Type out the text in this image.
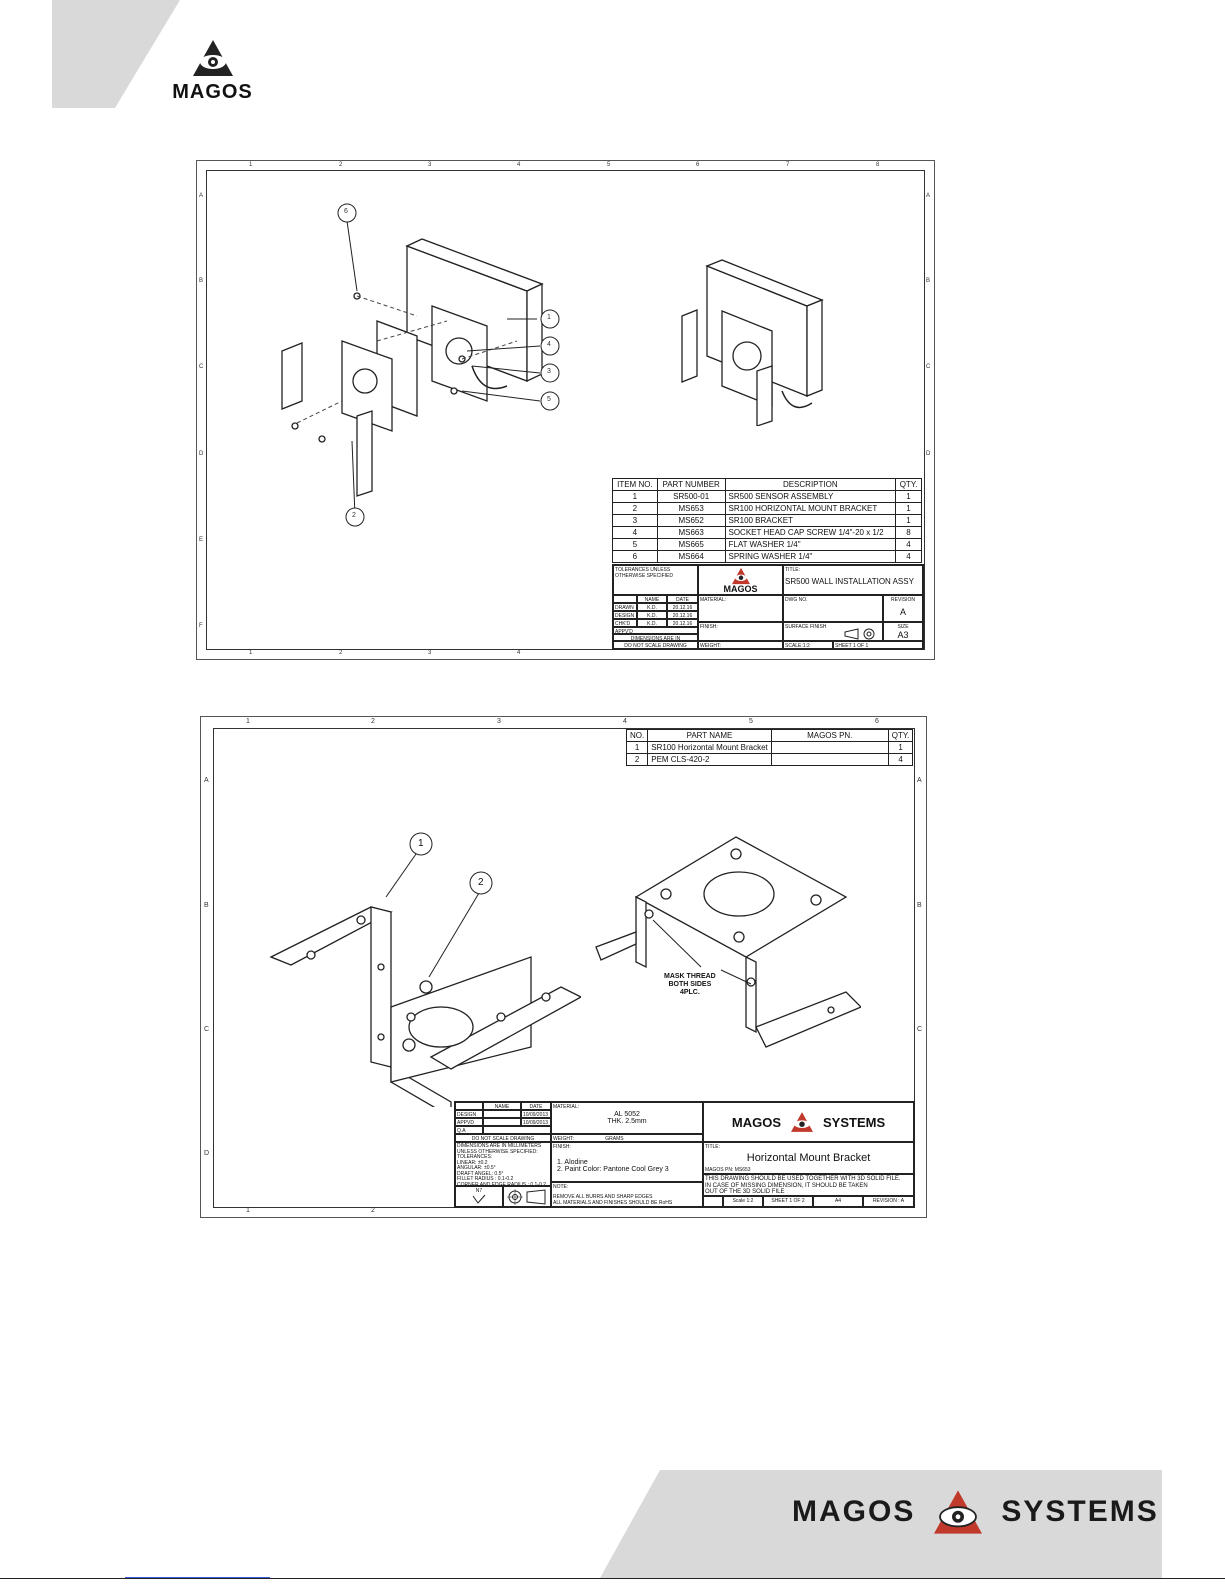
MAGOS
1	2	3	4	5	6	7	8
A
B
C
D
E
F
A
B
C
D
1	2	3	4
6
1
4
3
5
2
ITEM NO.	PART NUMBER	DESCRIPTION	QTY.
1	SR500-01	SR500 SENSOR ASSEMBLY	1
2	MS653	SR100 HORIZONTAL MOUNT BRACKET	1
3	MS652	SR100 BRACKET	1
4	MS663	SOCKET HEAD CAP SCREW 1/4"-20 x 1/2	8
5	MS665	FLAT WASHER 1/4"	4
6	MS664	SPRING WASHER 1/4"	4
TOLERANCES UNLESS OTHERWISE SPECIFIED
MAGOS
TITLE:
SR500 WALL INSTALLATION ASSY
NAME	DATE
DRAWN	K.D.	20.12.16
DESIGN	K.D.	20.12.16
CHK'D	K.D.	20.12.16
APPV'D
DIMENSIONS ARE IN
DO NOT SCALE DRAWING
MATERIAL:
FINISH:
WEIGHT:
DWG NO.	REVISION
A
SURFACE FINISH	SIZE
A3
SCALE:1:2	SHEET 1 OF 1
1	2	3	4	5	6
A
B
C
D
A
B
C
1	2
NO.	PART NAME	MAGOS PN.	QTY.
1	SR100 Horizontal Mount Bracket		1
2	PEM CLS-420-2		4
1
2
MASK THREAD
BOTH SIDES
4PLC.
NAME	DATE
DESIGN	10/09/2013
APPVD	10/09/2013
Q.A
DO NOT SCALE DRAWING
DIMENSIONS ARE IN MILLIMETERS
UNLESS OTHERWISE SPECIFIED:
TOLERANCES:
LINEAR: ±0.2
ANGULAR: ±0.5°
DRAFT ANGEL: 0.5°
FILLET RADIUS : 0.1-0.2
CORNER AND EDGE RADIUS : 0.1-0.2
N7
MATERIAL:
AL 5052
THK. 2.5mm
WEIGHT:	GRAMS
FINISH:
1. Alodine
2. Paint Color: Pantone Cool Grey 3
NOTE:
REMOVE ALL BURRS AND SHARP EDGES
ALL MATERIALS AND FINISHES SHOULD BE RoHS
MAGOS	SYSTEMS
TITLE:
Horizontal Mount Bracket
MAGOS PN: MS653
THIS DRAWING SHOULD BE USED TOGETHER WITH 3D SOLID FILE.
IN CASE OF MISSING DIMENSION, IT SHOULD BE TAKEN
OUT OF THE 3D SOLID FILE
Scale 1:2	SHEET 1 OF 2	A4	REVISION : A
MAGOS	SYSTEMS
